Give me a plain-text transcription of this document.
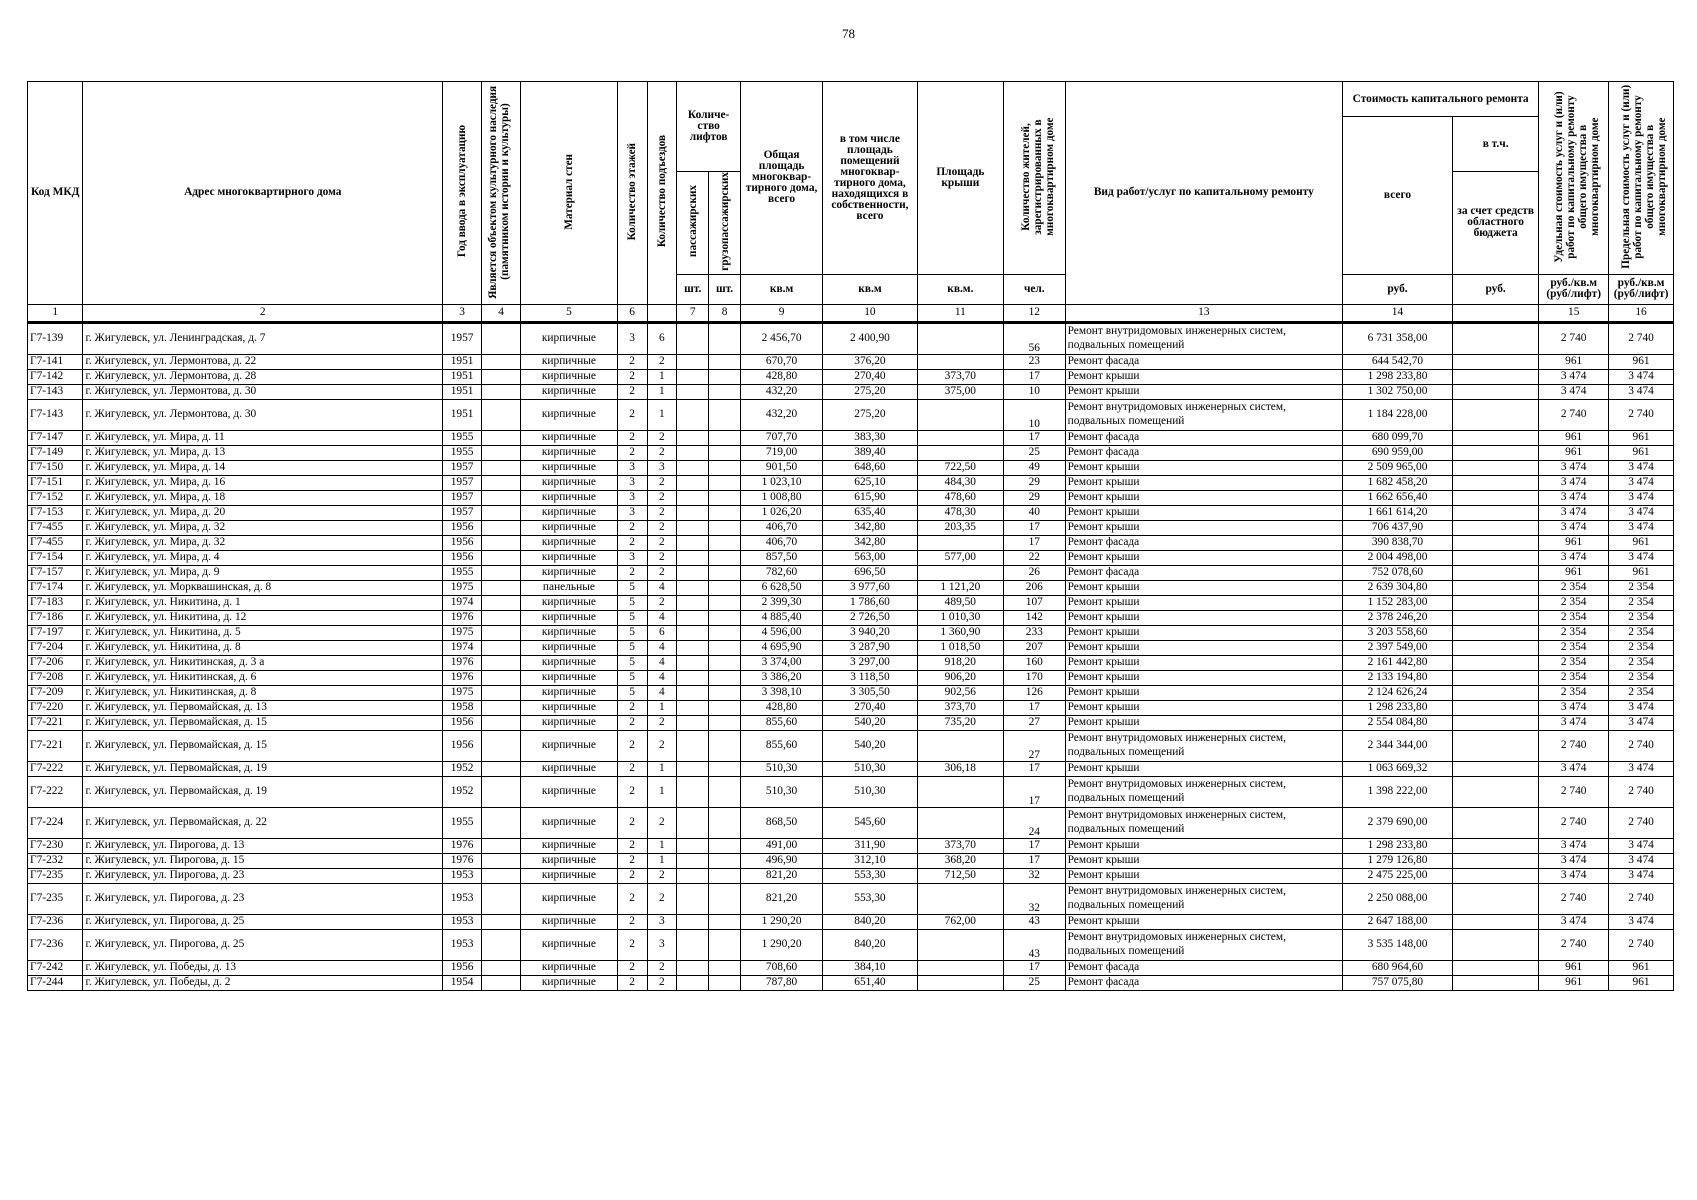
78
Код МКД	Адрес многоквартирного дома	Год ввода в эксплуатацию	Является объектом культурного наследия (памятником истории и культуры)	Материал стен	Количество этажей	Количество подъездов	Количе-ство лифтов		Общая площадь многоквар-тирного дома, всего	в том числе площадь помещений многоквар-тирного дома, находящихся в собственности, всего	Площадь крыши	Количество жителей, зарегистрированных в многоквартирном доме	Вид работ/услуг по капитальному ремонту	Стоимость капитального ремонта		Удельная стоимость услуг и (или) работ по капитальному ремонту общего имущества в многоквартирном доме	Предельная стоимость услуг и (или) работ по капитальному ремонту общего имущества в многоквартирном доме
														всего	в т.ч.		
							пассажирских	грузопассажирских							за счет средств областного бюджета		
							шт.	шт.	кв.м	кв.м	кв.м.	чел.		руб.	руб.	руб./кв.м (руб/лифт)	руб./кв.м (руб/лифт)
1	2	3	4	5	6		7	8	9	10	11	12	13	14		15	16
Г7-139	г. Жигулевск, ул. Ленинградская, д. 7	1957		кирпичные	3	6			2 456,70	2 400,90		56	Ремонт внутридомовых инженерных систем, подвальных помещений	6 731 358,00		2 740	2 740
Г7-141	г. Жигулевск, ул. Лермонтова, д. 22	1951		кирпичные	2	2			670,70	376,20		23	Ремонт фасада	644 542,70		961	961
Г7-142	г. Жигулевск, ул. Лермонтова, д. 28	1951		кирпичные	2	1			428,80	270,40	373,70	17	Ремонт крыши	1 298 233,80		3 474	3 474
Г7-143	г. Жигулевск, ул. Лермонтова, д. 30	1951		кирпичные	2	1			432,20	275,20	375,00	10	Ремонт крыши	1 302 750,00		3 474	3 474
Г7-143	г. Жигулевск, ул. Лермонтова, д. 30	1951		кирпичные	2	1			432,20	275,20		10	Ремонт внутридомовых инженерных систем, подвальных помещений	1 184 228,00		2 740	2 740
Г7-147	г. Жигулевск, ул. Мира, д. 11	1955		кирпичные	2	2			707,70	383,30		17	Ремонт фасада	680 099,70		961	961
Г7-149	г. Жигулевск, ул. Мира, д. 13	1955		кирпичные	2	2			719,00	389,40		25	Ремонт фасада	690 959,00		961	961
Г7-150	г. Жигулевск, ул. Мира, д. 14	1957		кирпичные	3	3			901,50	648,60	722,50	49	Ремонт крыши	2 509 965,00		3 474	3 474
Г7-151	г. Жигулевск, ул. Мира, д. 16	1957		кирпичные	3	2			1 023,10	625,10	484,30	29	Ремонт крыши	1 682 458,20		3 474	3 474
Г7-152	г. Жигулевск, ул. Мира, д. 18	1957		кирпичные	3	2			1 008,80	615,90	478,60	29	Ремонт крыши	1 662 656,40		3 474	3 474
Г7-153	г. Жигулевск, ул. Мира, д. 20	1957		кирпичные	3	2			1 026,20	635,40	478,30	40	Ремонт крыши	1 661 614,20		3 474	3 474
Г7-455	г. Жигулевск, ул. Мира, д. 32	1956		кирпичные	2	2			406,70	342,80	203,35	17	Ремонт крыши	706 437,90		3 474	3 474
Г7-455	г. Жигулевск, ул. Мира, д. 32	1956		кирпичные	2	2			406,70	342,80		17	Ремонт фасада	390 838,70		961	961
Г7-154	г. Жигулевск, ул. Мира, д. 4	1956		кирпичные	3	2			857,50	563,00	577,00	22	Ремонт крыши	2 004 498,00		3 474	3 474
Г7-157	г. Жигулевск, ул. Мира, д. 9	1955		кирпичные	2	2			782,60	696,50		26	Ремонт фасада	752 078,60		961	961
Г7-174	г. Жигулевск, ул. Морквашинская, д. 8	1975		панельные	5	4			6 628,50	3 977,60	1 121,20	206	Ремонт крыши	2 639 304,80		2 354	2 354
Г7-183	г. Жигулевск, ул. Никитина, д. 1	1974		кирпичные	5	2			2 399,30	1 786,60	489,50	107	Ремонт крыши	1 152 283,00		2 354	2 354
Г7-186	г. Жигулевск, ул. Никитина, д. 12	1976		кирпичные	5	4			4 885,40	2 726,50	1 010,30	142	Ремонт крыши	2 378 246,20		2 354	2 354
Г7-197	г. Жигулевск, ул. Никитина, д. 5	1975		кирпичные	5	6			4 596,00	3 940,20	1 360,90	233	Ремонт крыши	3 203 558,60		2 354	2 354
Г7-204	г. Жигулевск, ул. Никитина, д. 8	1974		кирпичные	5	4			4 695,90	3 287,90	1 018,50	207	Ремонт крыши	2 397 549,00		2 354	2 354
Г7-206	г. Жигулевск, ул. Никитинская, д. 3 а	1976		кирпичные	5	4			3 374,00	3 297,00	918,20	160	Ремонт крыши	2 161 442,80		2 354	2 354
Г7-208	г. Жигулевск, ул. Никитинская, д. 6	1976		кирпичные	5	4			3 386,20	3 118,50	906,20	170	Ремонт крыши	2 133 194,80		2 354	2 354
Г7-209	г. Жигулевск, ул. Никитинская, д. 8	1975		кирпичные	5	4			3 398,10	3 305,50	902,56	126	Ремонт крыши	2 124 626,24		2 354	2 354
Г7-220	г. Жигулевск, ул. Первомайская, д. 13	1958		кирпичные	2	1			428,80	270,40	373,70	17	Ремонт крыши	1 298 233,80		3 474	3 474
Г7-221	г. Жигулевск, ул. Первомайская, д. 15	1956		кирпичные	2	2			855,60	540,20	735,20	27	Ремонт крыши	2 554 084,80		3 474	3 474
Г7-221	г. Жигулевск, ул. Первомайская, д. 15	1956		кирпичные	2	2			855,60	540,20		27	Ремонт внутридомовых инженерных систем, подвальных помещений	2 344 344,00		2 740	2 740
Г7-222	г. Жигулевск, ул. Первомайская, д. 19	1952		кирпичные	2	1			510,30	510,30	306,18	17	Ремонт крыши	1 063 669,32		3 474	3 474
Г7-222	г. Жигулевск, ул. Первомайская, д. 19	1952		кирпичные	2	1			510,30	510,30		17	Ремонт внутридомовых инженерных систем, подвальных помещений	1 398 222,00		2 740	2 740
Г7-224	г. Жигулевск, ул. Первомайская, д. 22	1955		кирпичные	2	2			868,50	545,60		24	Ремонт внутридомовых инженерных систем, подвальных помещений	2 379 690,00		2 740	2 740
Г7-230	г. Жигулевск, ул. Пирогова, д. 13	1976		кирпичные	2	1			491,00	311,90	373,70	17	Ремонт крыши	1 298 233,80		3 474	3 474
Г7-232	г. Жигулевск, ул. Пирогова, д. 15	1976		кирпичные	2	1			496,90	312,10	368,20	17	Ремонт крыши	1 279 126,80		3 474	3 474
Г7-235	г. Жигулевск, ул. Пирогова, д. 23	1953		кирпичные	2	2			821,20	553,30	712,50	32	Ремонт крыши	2 475 225,00		3 474	3 474
Г7-235	г. Жигулевск, ул. Пирогова, д. 23	1953		кирпичные	2	2			821,20	553,30		32	Ремонт внутридомовых инженерных систем, подвальных помещений	2 250 088,00		2 740	2 740
Г7-236	г. Жигулевск, ул. Пирогова, д. 25	1953		кирпичные	2	3			1 290,20	840,20	762,00	43	Ремонт крыши	2 647 188,00		3 474	3 474
Г7-236	г. Жигулевск, ул. Пирогова, д. 25	1953		кирпичные	2	3			1 290,20	840,20		43	Ремонт внутридомовых инженерных систем, подвальных помещений	3 535 148,00		2 740	2 740
Г7-242	г. Жигулевск, ул. Победы, д. 13	1956		кирпичные	2	2			708,60	384,10		17	Ремонт фасада	680 964,60		961	961
Г7-244	г. Жигулевск, ул. Победы, д. 2	1954		кирпичные	2	2			787,80	651,40		25	Ремонт фасада	757 075,80		961	961
